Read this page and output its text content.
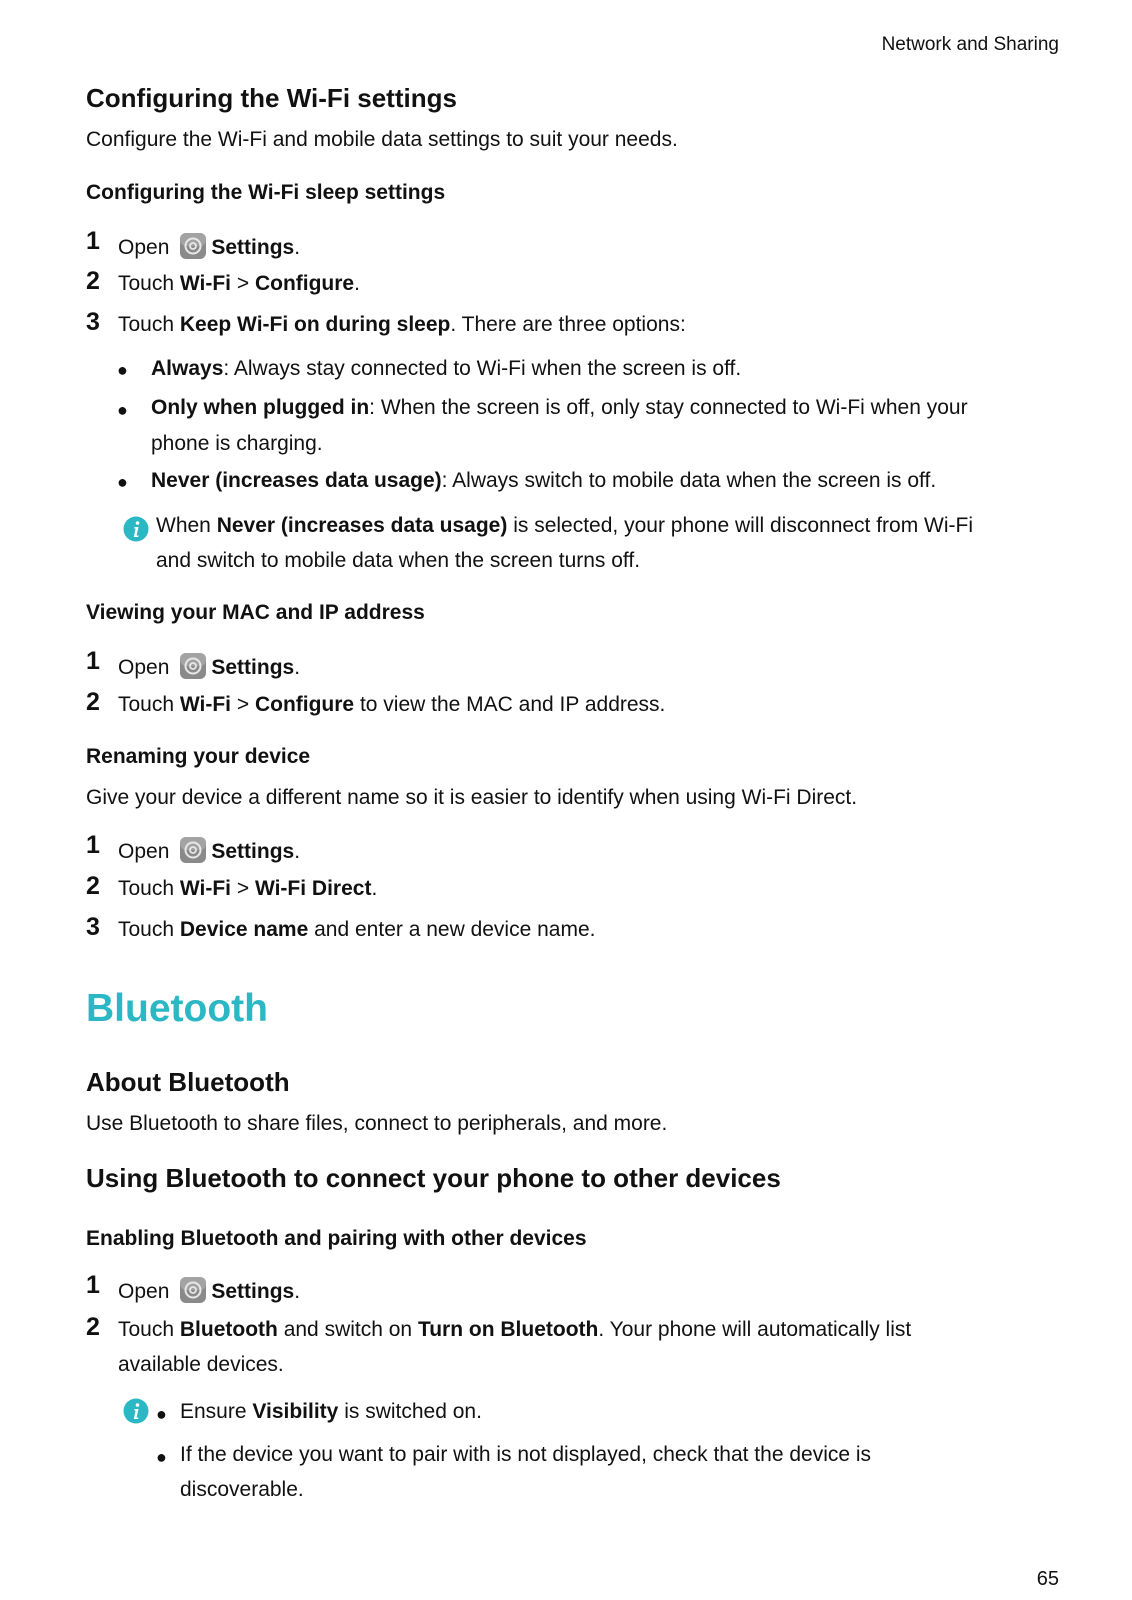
Network and Sharing
Configuring the Wi-Fi settings
Configure the Wi-Fi and mobile data settings to suit your needs.
Configuring the Wi-Fi sleep settings
1 Open Settings.
2 Touch Wi-Fi > Configure.
3 Touch Keep Wi-Fi on during sleep. There are three options:
● Always: Always stay connected to Wi-Fi when the screen is off.
● Only when plugged in: When the screen is off, only stay connected to Wi-Fi when your
phone is charging.
● Never (increases data usage): Always switch to mobile data when the screen is off.
When Never (increases data usage) is selected, your phone will disconnect from Wi-Fi
and switch to mobile data when the screen turns off.
Viewing your MAC and IP address
1 Open Settings.
2 Touch Wi-Fi > Configure to view the MAC and IP address.
Renaming your device
Give your device a different name so it is easier to identify when using Wi-Fi Direct.
1 Open Settings.
2 Touch Wi-Fi > Wi-Fi Direct.
3 Touch Device name and enter a new device name.
Bluetooth
About Bluetooth
Use Bluetooth to share files, connect to peripherals, and more.
Using Bluetooth to connect your phone to other devices
Enabling Bluetooth and pairing with other devices
1 Open Settings.
2 Touch Bluetooth and switch on Turn on Bluetooth. Your phone will automatically list
available devices.
● Ensure Visibility is switched on.
● If the device you want to pair with is not displayed, check that the device is
discoverable.
65
